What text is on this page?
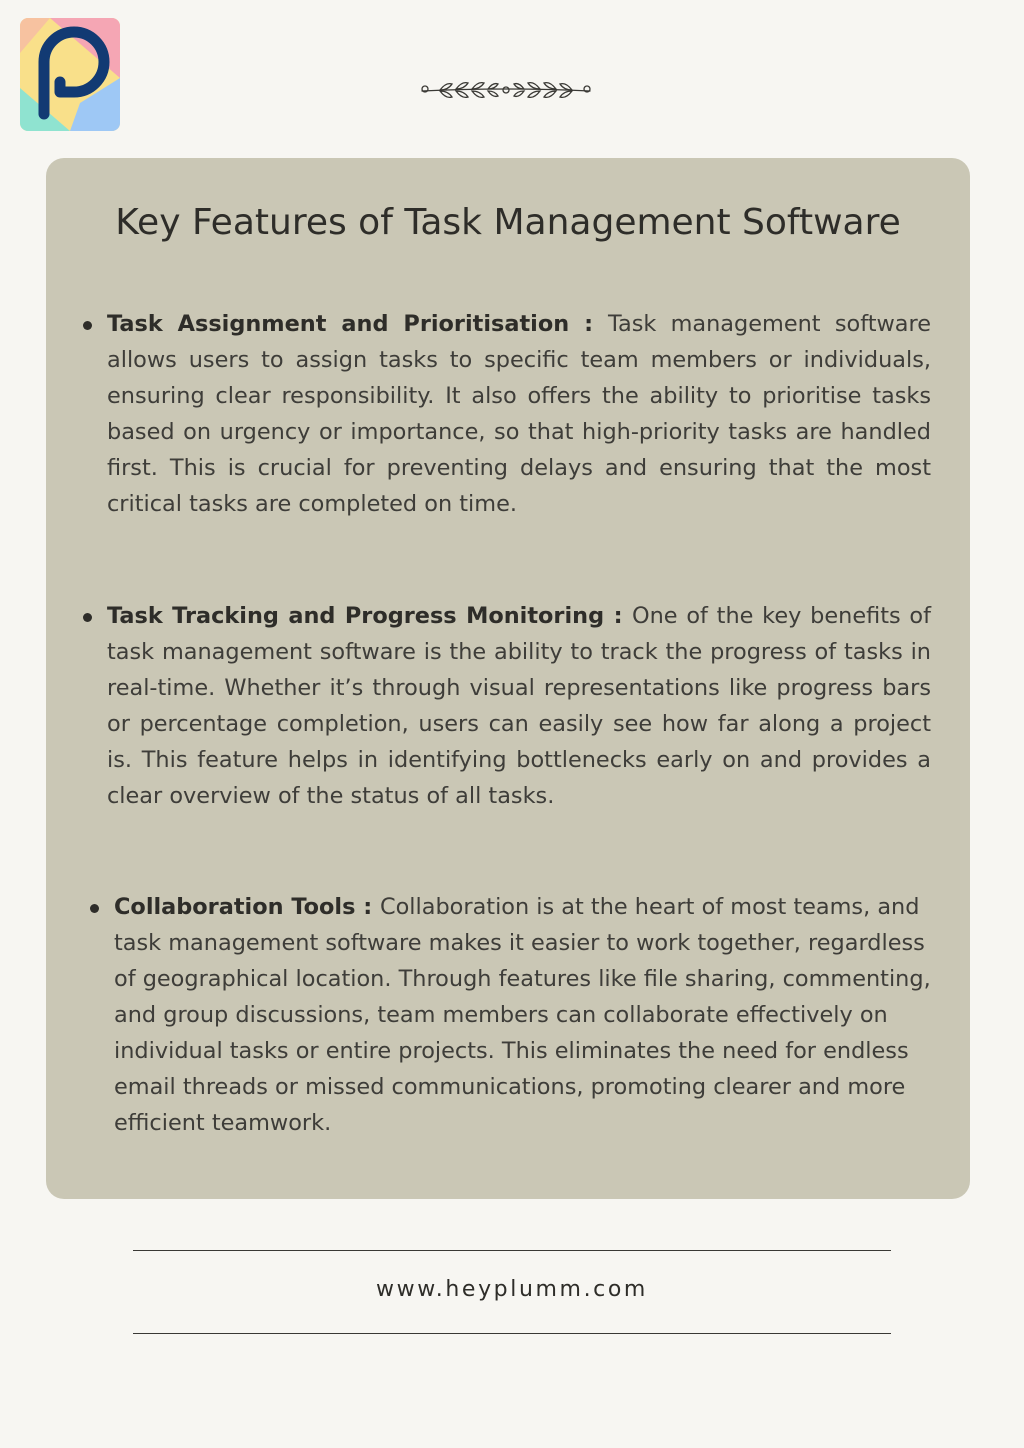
Key Features of Task Management Software
Task Assignment and Prioritisation : Task management software allows users to assign tasks to specific team members or individuals, ensuring clear responsibility. It also offers the ability to prioritise tasks based on urgency or importance, so that high-priority tasks are handled first. This is crucial for preventing delays and ensuring that the most critical tasks are completed on time.
Task Tracking and Progress Monitoring : One of the key benefits of task management software is the ability to track the progress of tasks in real-time. Whether it’s through visual representations like progress bars or percentage completion, users can easily see how far along a project is. This feature helps in identifying bottlenecks early on and provides a clear overview of the status of all tasks.
Collaboration Tools : Collaboration is at the heart of most teams, and task management software makes it easier to work together, regardless of geographical location. Through features like file sharing, commenting, and group discussions, team members can collaborate effectively on individual tasks or entire projects. This eliminates the need for endless email threads or missed communications, promoting clearer and more efficient teamwork.
www.heyplumm.com
